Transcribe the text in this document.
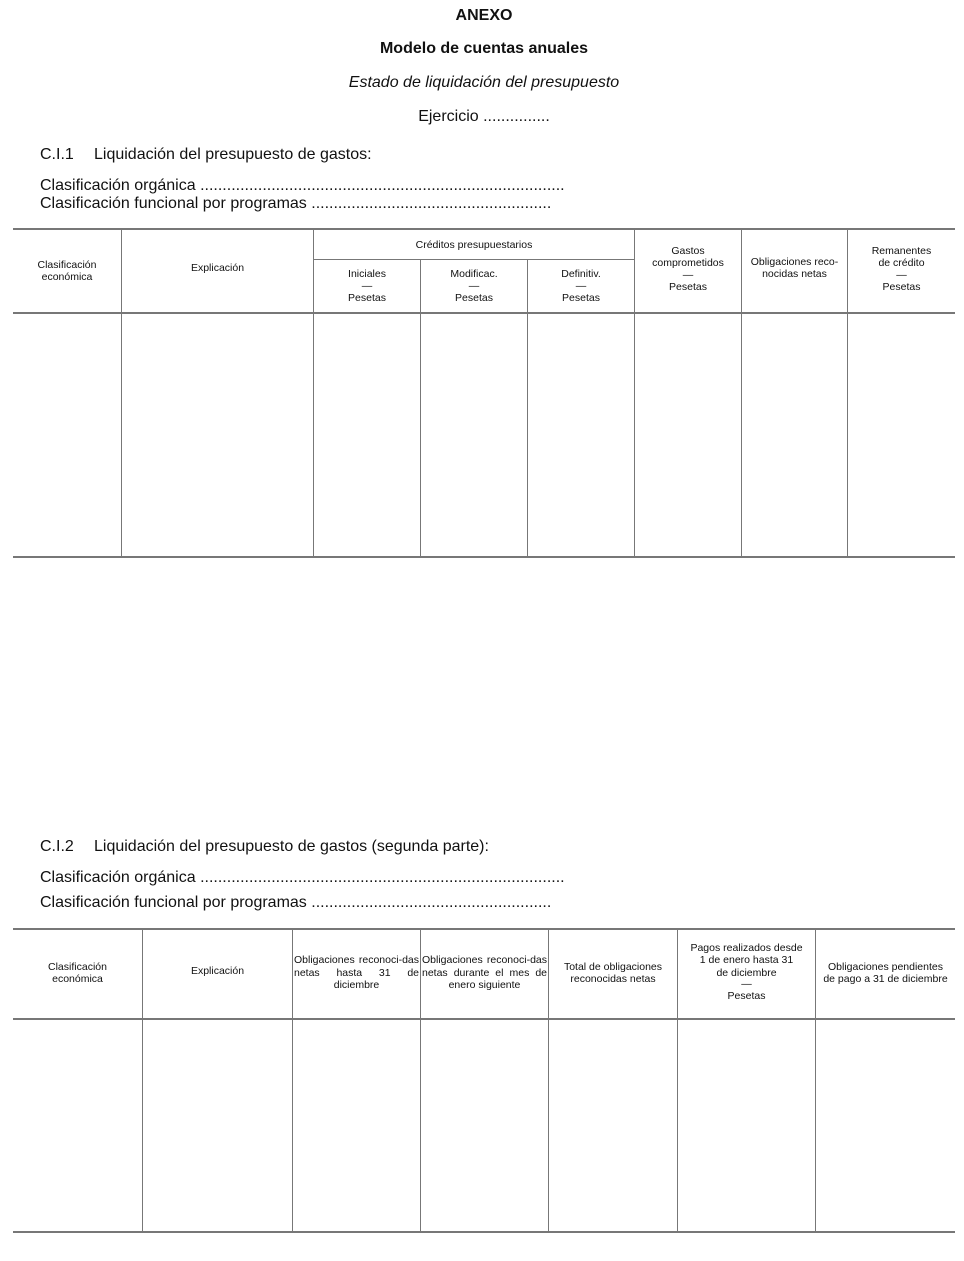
ANEXO
Modelo de cuentas anuales
Estado de liquidación del presupuesto
Ejercicio ...............
C.I.1 Liquidación del presupuesto de gastos:
Clasificación orgánica ..................................................................................
Clasificación funcional por programas ......................................................
Clasificación
económica
Explicación
Créditos presupuestarios
Iniciales
—
Pesetas
Modificac.
—
Pesetas
Definitiv.
—
Pesetas
Gastos
comprometidos
—
Pesetas
Obligaciones reco-
nocidas netas
Remanentes
de crédito
—
Pesetas
C.I.2 Liquidación del presupuesto de gastos (segunda parte):
Clasificación orgánica ..................................................................................
Clasificación funcional por programas ......................................................
Clasificación
económica
Explicación
Obligaciones reconoci-das netas hasta 31 de diciembre
Obligaciones reconoci-das netas durante el mes de enero siguiente
Total de obligaciones
reconocidas netas
Pagos realizados desde
1 de enero hasta 31
de diciembre
—
Pesetas
Obligaciones pendientes
de pago a 31 de diciembre
